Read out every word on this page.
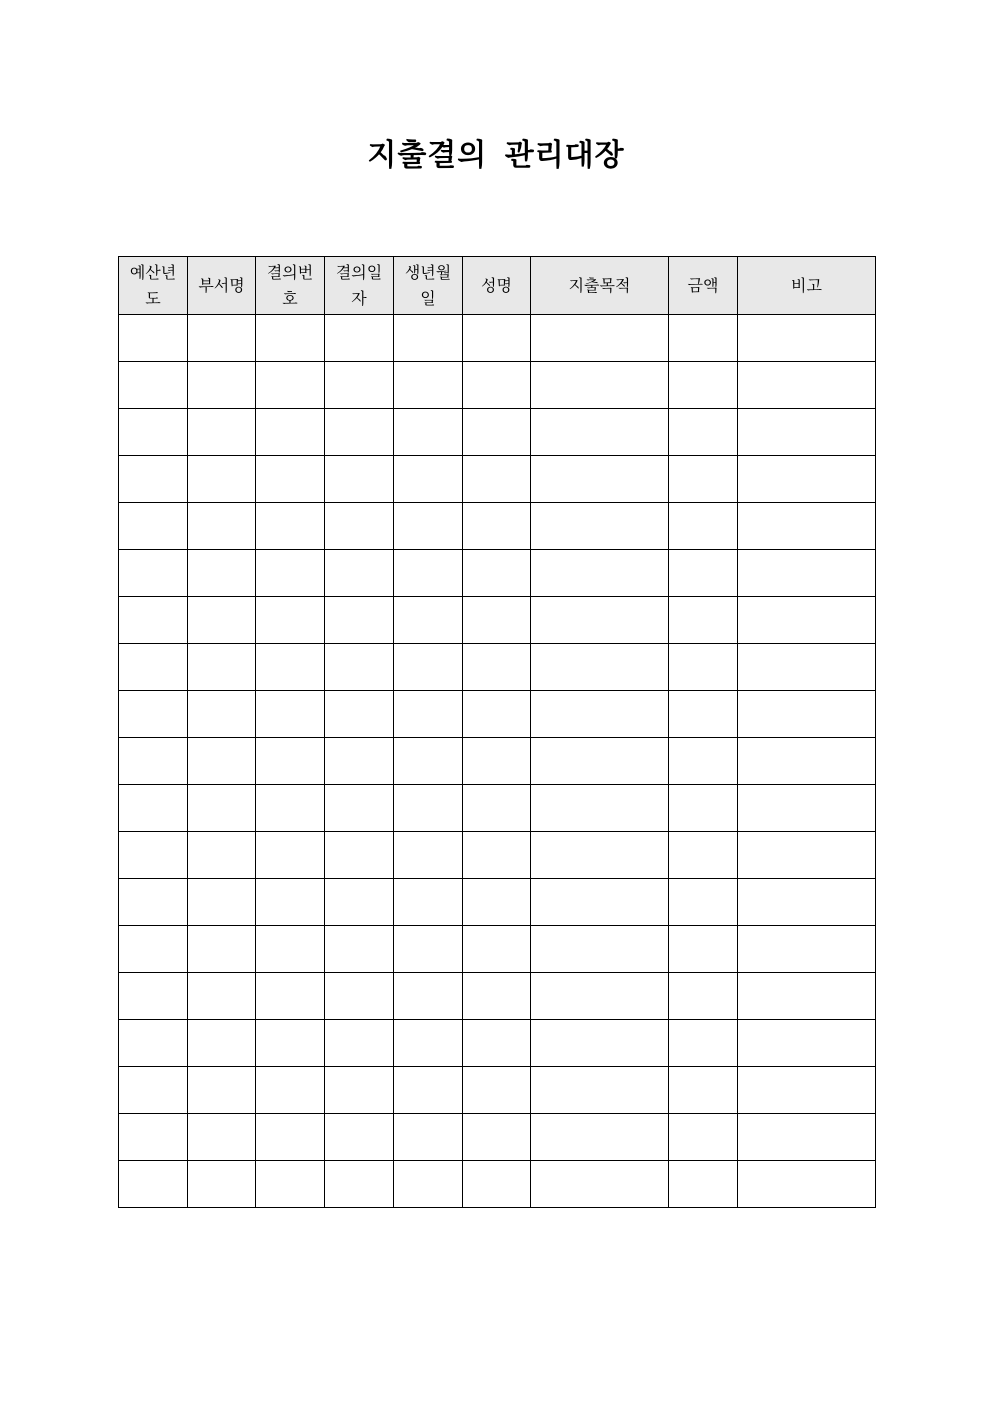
지출결의 관리대장
예산년도	부서명	결의번호	결의일자	생년월일	성명	지출목적	금액	비고
